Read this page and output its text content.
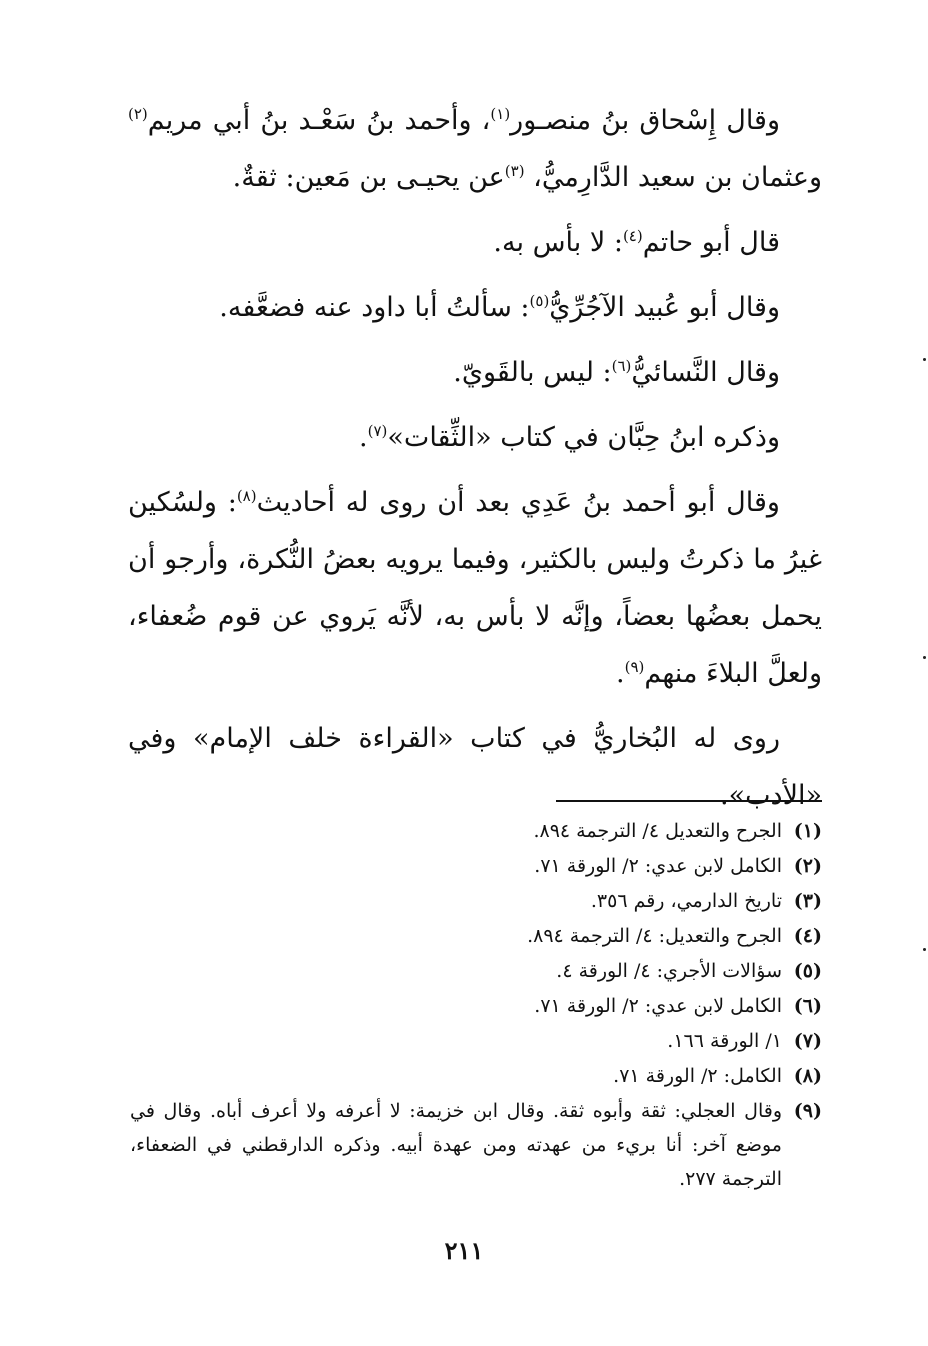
وقال إِسْحاق بنُ منصـور$^{(١)}$، وأحمد بنُ سَعْـد بنُ أبي مريم$^{(٢)}$ وعثمان بن سعيد الدَّارِميُّ، $^{(٣)}$عن يحيـى بن مَعين: ثقةٌ.

قال أبو حاتم$^{(٤)}$: لا بأس به.

وقال أبو عُبيد الآجُرِّيُّ$^{(٥)}$: سألتُ أبا داود عنه فضعَّفه.

وقال النَّسائيُّ$^{(٦)}$: ليس بالقَويّ.

وذكره ابنُ حِبَّان في كتاب «الثِّقات»$^{(٧)}$.

وقال أبو أحمد بنُ عَدِي بعد أن روى له أحاديث$^{(٨)}$: ولسُكين غيرُ ما ذكرتُ وليس بالكثير، وفيما يرويه بعضُ النُّكرة، وأرجو أن يحمل بعضُها بعضاً، وإنَّه لا بأس به، لأنَّه يَروي عن قوم ضُعفاء، ولعلَّ البلاءَ منهم$^{(٩)}$.

روى له البُخاريُّ في كتاب «القراءة خلف الإمام» وفي «الأدب».

(١)
الجرح والتعديل ٤/ الترجمة ٨٩٤.
(٢)
الكامل لابن عدي: ٢/ الورقة ٧١.
(٣)
تاريخ الدارمي، رقم ٣٥٦.
(٤)
الجرح والتعديل: ٤/ الترجمة ٨٩٤.
(٥)
سؤالات الأجري: ٤/ الورقة ٤.
(٦)
الكامل لابن عدي: ٢/ الورقة ٧١.
(٧)
١/ الورقة ١٦٦.
(٨)
الكامل: ٢/ الورقة ٧١.
(٩)
وقال العجلي: ثقة وأبوه ثقة. وقال ابن خزيمة: لا أعرفه ولا أعرف أباه. وقال في موضع آخر: أنا بريء من عهدته ومن عهدة أبيه. وذكره الدارقطني في الضعفاء، الترجمة ٢٧٧.
٢١١
